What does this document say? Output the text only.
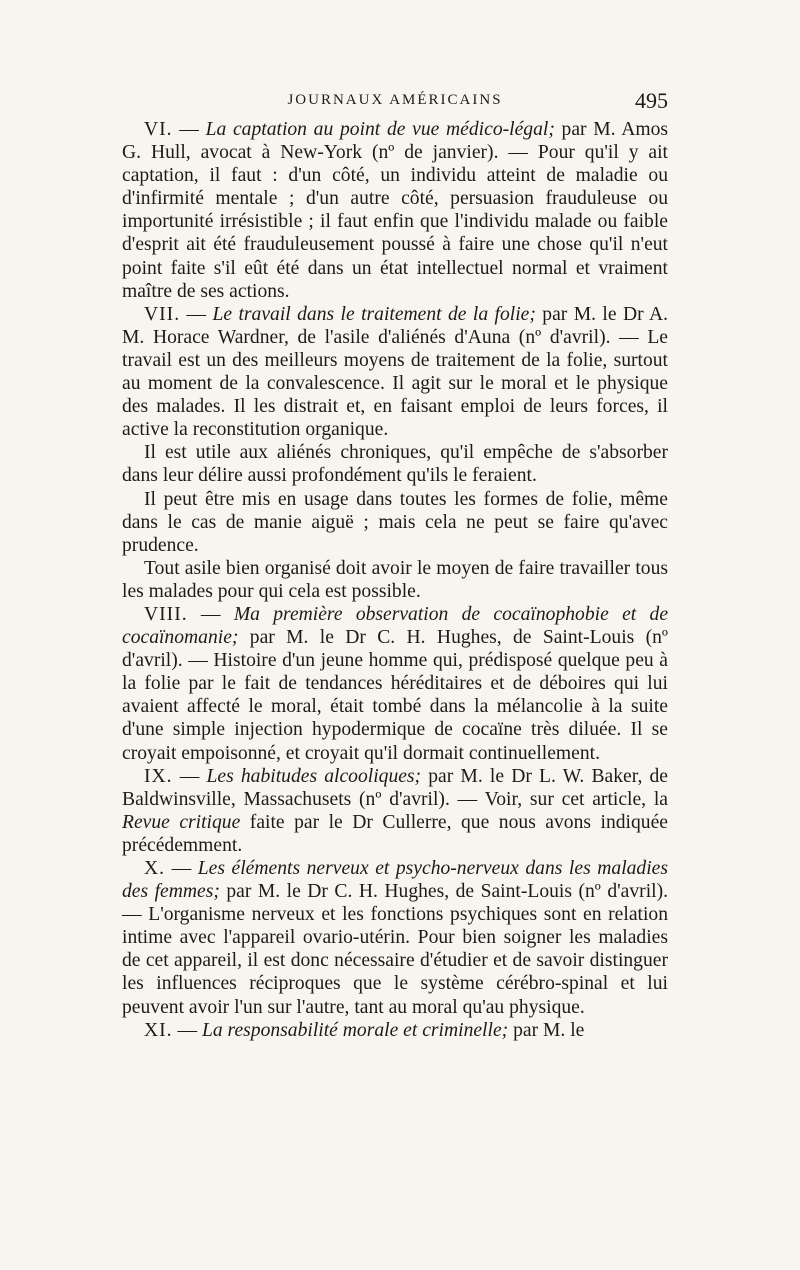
JOURNAUX AMÉRICAINS	495

VI. — La captation au point de vue médico-légal; par M. Amos G. Hull, avocat à New-York (nº de janvier). — Pour qu'il y ait captation, il faut : d'un côté, un individu atteint de maladie ou d'infirmité mentale ; d'un autre côté, persuasion frauduleuse ou importunité irrésistible ; il faut enfin que l'individu malade ou faible d'esprit ait été frauduleusement poussé à faire une chose qu'il n'eut point faite s'il eût été dans un état intellectuel normal et vraiment maître de ses actions.

VII. — Le travail dans le traitement de la folie; par M. le Dr A. M. Horace Wardner, de l'asile d'aliénés d'Auna (nº d'avril). — Le travail est un des meilleurs moyens de traitement de la folie, surtout au moment de la convalescence. Il agit sur le moral et le physique des malades. Il les distrait et, en faisant emploi de leurs forces, il active la reconstitution organique.

Il est utile aux aliénés chroniques, qu'il empêche de s'absorber dans leur délire aussi profondément qu'ils le feraient.

Il peut être mis en usage dans toutes les formes de folie, même dans le cas de manie aiguë ; mais cela ne peut se faire qu'avec prudence.

Tout asile bien organisé doit avoir le moyen de faire travailler tous les malades pour qui cela est possible.

VIII. — Ma première observation de cocaïnophobie et de cocaïnomanie; par M. le Dr C. H. Hughes, de Saint-Louis (nº d'avril). — Histoire d'un jeune homme qui, prédisposé quelque peu à la folie par le fait de tendances héréditaires et de déboires qui lui avaient affecté le moral, était tombé dans la mélancolie à la suite d'une simple injection hypodermique de cocaïne très diluée. Il se croyait empoisonné, et croyait qu'il dormait continuellement.

IX. — Les habitudes alcooliques; par M. le Dr L. W. Baker, de Baldwinsville, Massachusets (nº d'avril). — Voir, sur cet article, la Revue critique faite par le Dr Cullerre, que nous avons indiquée précédemment.

X. — Les éléments nerveux et psycho-nerveux dans les maladies des femmes; par M. le Dr C. H. Hughes, de Saint-Louis (nº d'avril). — L'organisme nerveux et les fonctions psychiques sont en relation intime avec l'appareil ovario-utérin. Pour bien soigner les maladies de cet appareil, il est donc nécessaire d'étudier et de savoir distinguer les influences réciproques que le système cérébro-spinal et lui peuvent avoir l'un sur l'autre, tant au moral qu'au physique.

XI. — La responsabilité morale et criminelle; par M. le
